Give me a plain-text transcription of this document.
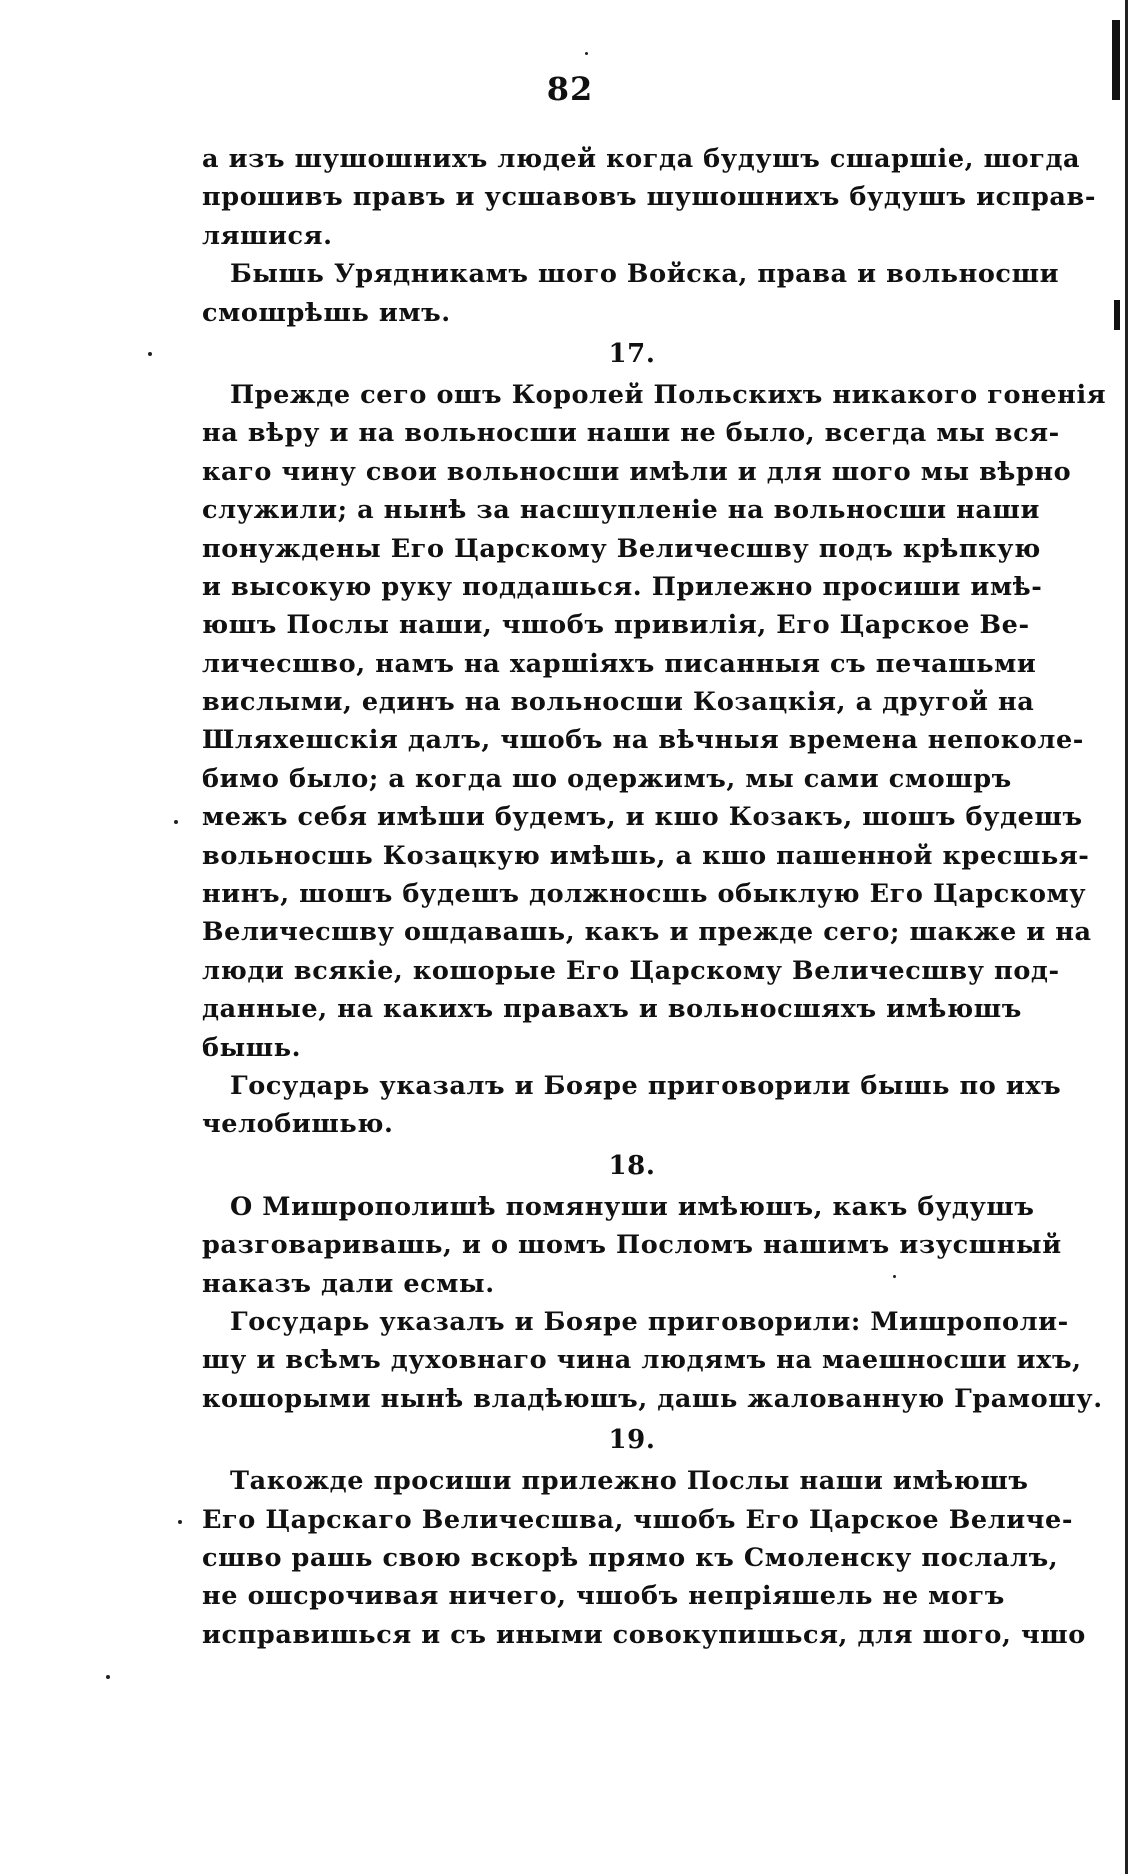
82
а изъ шушошнихъ людей когда будушъ сшаршіе, шогда
прошивъ правъ и усшавовъ шушошнихъ будушъ исправ-
ляшися.
Бышь Урядникамъ шого Войска, права и вольносши
смошрѣшь имъ.
17.
Прежде сего ошъ Королей Польскихъ никакого гоненія
на вѣру и на вольносши наши не было, всегда мы вся-
каго чину свои вольносши имѣли и для шого мы вѣрно
служили; а нынѣ за насшупленіе на вольносши наши
понуждены Его Царскому Величесшву подъ крѣпкую
и высокую руку поддашься. Прилежно просиши имѣ-
юшъ Послы наши, чшобъ привилія, Его Царское Ве-
личесшво, намъ на харшіяхъ писанныя съ печашьми
вислыми, единъ на вольносши Козацкія, а другой на
Шляхешскія далъ, чшобъ на вѣчныя времена непоколе-
бимо было; а когда шо одержимъ, мы сами смошръ
межъ себя имѣши будемъ, и кшо Козакъ, шошъ будешъ
вольносшь Козацкую имѣшь, а кшо пашенной кресшья-
нинъ, шошъ будешъ должносшь обыклую Его Царскому
Величесшву ошдавашь, какъ и прежде сего; шакже и на
люди всякіе, кошорые Его Царскому Величесшву под-
данные, на какихъ правахъ и вольносшяхъ имѣюшъ
бышь.
Государь указалъ и Бояре приговорили бышь по ихъ
челобишью.
18.
О Мишрополишѣ помянуши имѣюшъ, какъ будушъ
разговаривашь, и о шомъ Посломъ нашимъ изусшный
наказъ дали есмы.
Государь указалъ и Бояре приговорили: Мишрополи-
шу и всѣмъ духовнаго чина людямъ на маешносши ихъ,
кошорыми нынѣ владѣюшъ, дашь жалованную Грамошу.
19.
Такожде просиши прилежно Послы наши имѣюшъ
Его Царскаго Величесшва, чшобъ Его Царское Величе-
сшво рашь свою вскорѣ прямо къ Смоленску послалъ,
не ошсрочивая ничего, чшобъ непріяшель не могъ
исправишься и съ иными совокупишься, для шого, чшо
